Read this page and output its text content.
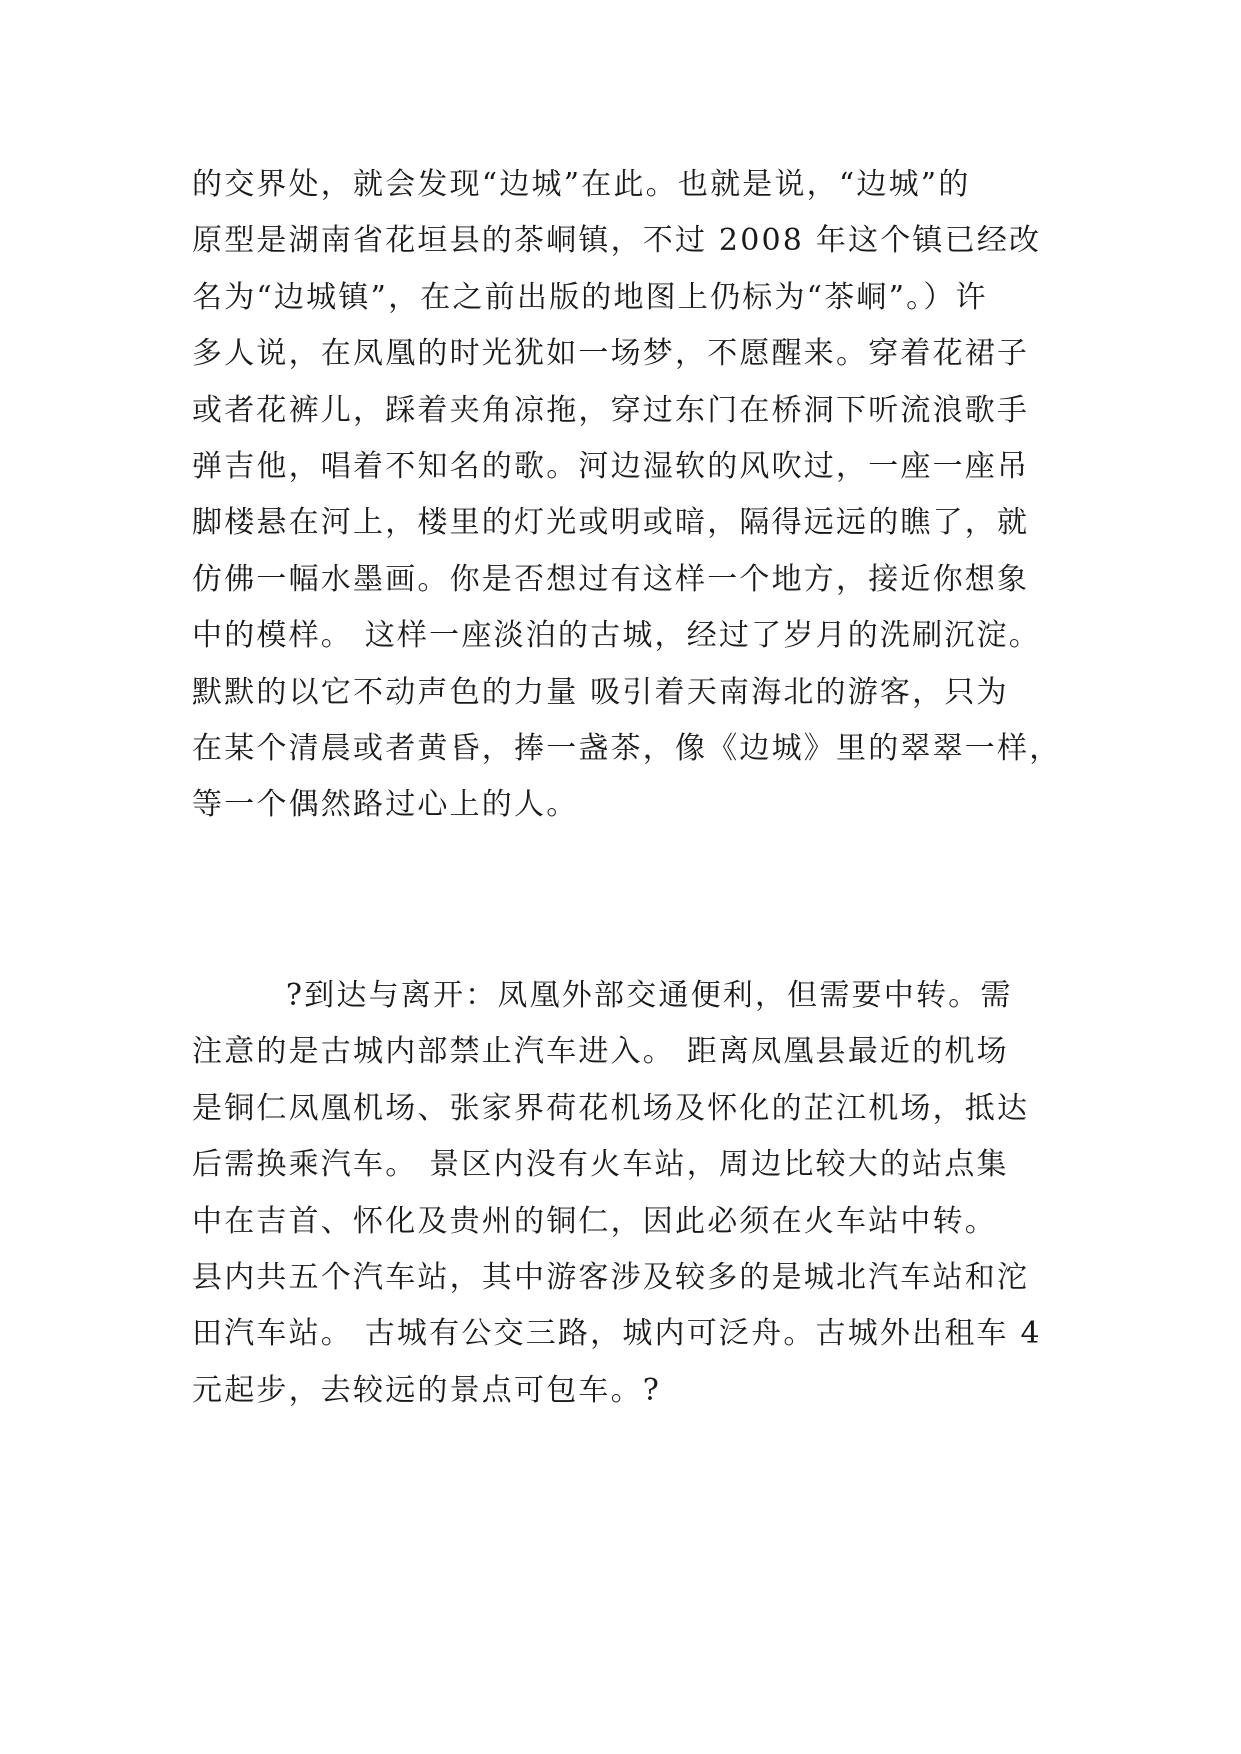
的交界处，就会发现“边城”在此。也就是说，“边城”的
原型是湖南省花垣县的茶峒镇，不过 2008 年这个镇已经改
名为“边城镇”，在之前出版的地图上仍标为“茶峒”。）许
多人说，在凤凰的时光犹如一场梦，不愿醒来。穿着花裙子
或者花裤儿，踩着夹角凉拖，穿过东门在桥洞下听流浪歌手
弹吉他，唱着不知名的歌。河边湿软的风吹过，一座一座吊
脚楼悬在河上，楼里的灯光或明或暗，隔得远远的瞧了，就
仿佛一幅水墨画。你是否想过有这样一个地方，接近你想象
中的模样。 这样一座淡泊的古城，经过了岁月的洗刷沉淀。
默默的以它不动声色的力量 吸引着天南海北的游客，只为
在某个清晨或者黄昏，捧一盏茶，像《边城》里的翠翠一样，
等一个偶然路过心上的人。
?到达与离开：凤凰外部交通便利，但需要中转。需
注意的是古城内部禁止汽车进入。 距离凤凰县最近的机场
是铜仁凤凰机场、张家界荷花机场及怀化的芷江机场，抵达
后需换乘汽车。 景区内没有火车站，周边比较大的站点集
中在吉首、怀化及贵州的铜仁，因此必须在火车站中转。
县内共五个汽车站，其中游客涉及较多的是城北汽车站和沱
田汽车站。 古城有公交三路，城内可泛舟。古城外出租车 4
元起步，去较远的景点可包车。?
